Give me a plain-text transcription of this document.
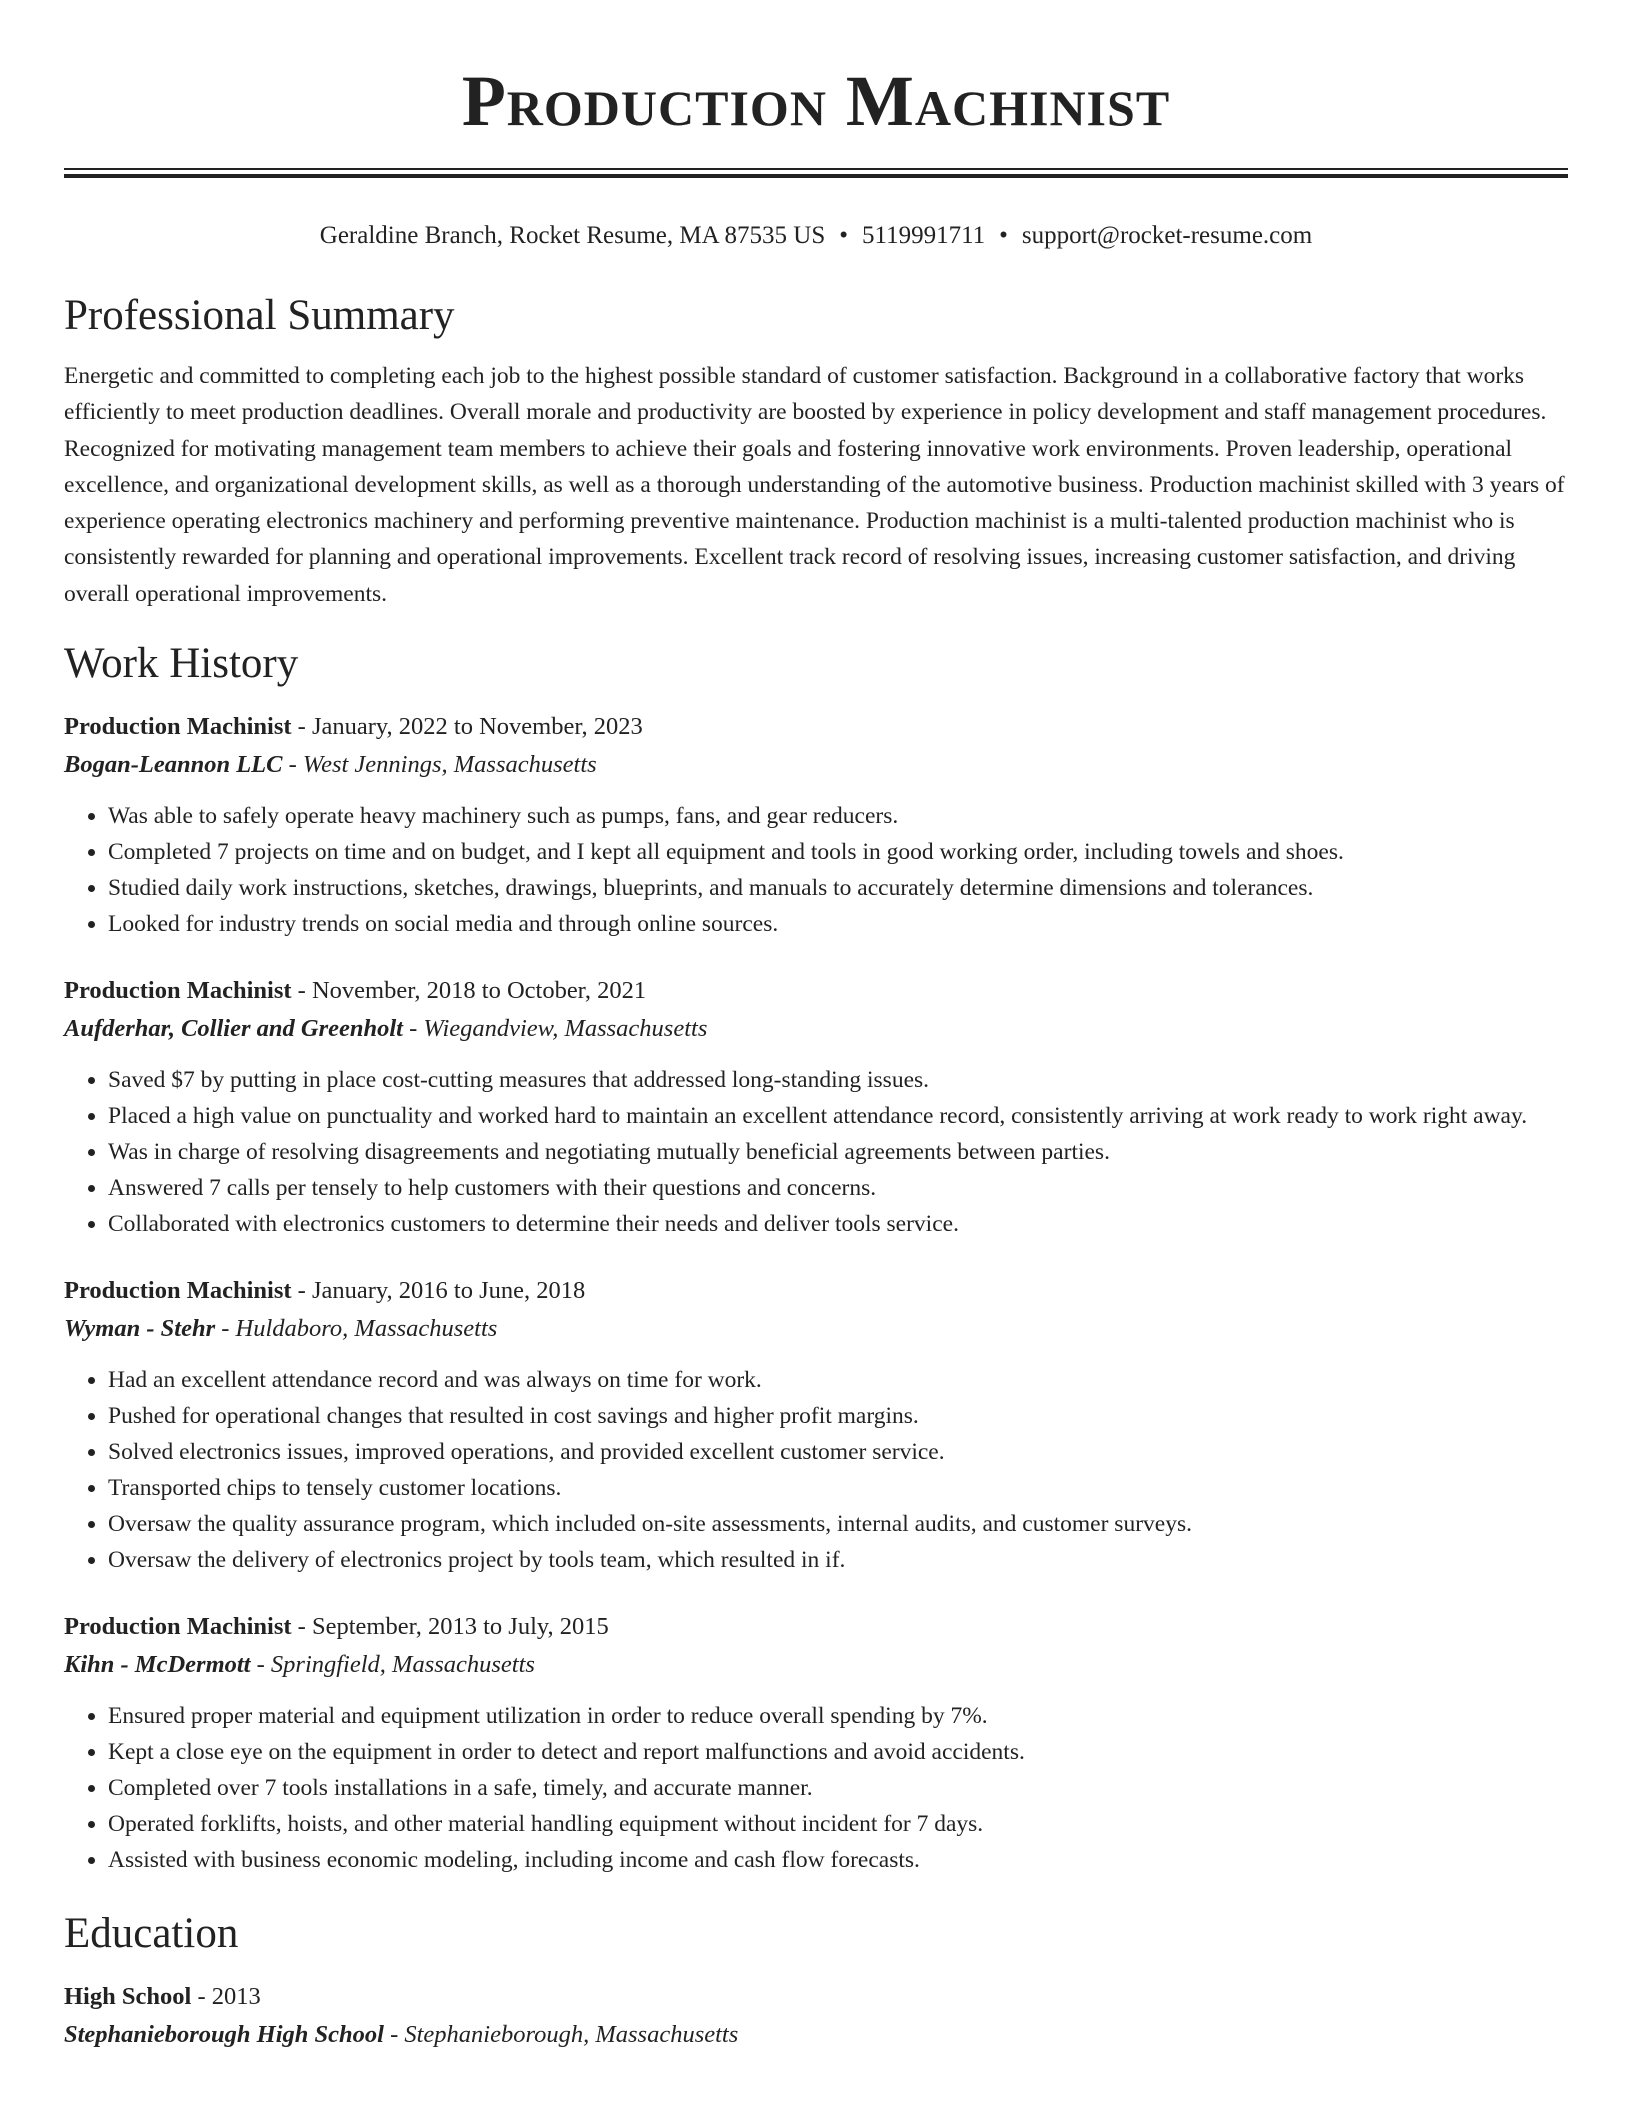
Production Machinist
Geraldine Branch, Rocket Resume, MA 87535 US • 5119991711 • support@rocket-resume.com
Professional Summary

Energetic and committed to completing each job to the highest possible standard of customer satisfaction. Background in a collaborative factory that works efficiently to meet production deadlines. Overall morale and productivity are boosted by experience in policy development and staff management procedures. Recognized for motivating management team members to achieve their goals and fostering innovative work environments. Proven leadership, operational excellence, and organizational development skills, as well as a thorough understanding of the automotive business. Production machinist skilled with 3 years of experience operating electronics machinery and performing preventive maintenance. Production machinist is a multi-talented production machinist who is consistently rewarded for planning and operational improvements. Excellent track record of resolving issues, increasing customer satisfaction, and driving overall operational improvements.

Work History
Production Machinist - January, 2022 to November, 2023
Bogan-Leannon LLC - West Jennings, Massachusetts
• Was able to safely operate heavy machinery such as pumps, fans, and gear reducers.
• Completed 7 projects on time and on budget, and I kept all equipment and tools in good working order, including towels and shoes.
• Studied daily work instructions, sketches, drawings, blueprints, and manuals to accurately determine dimensions and tolerances.
• Looked for industry trends on social media and through online sources.
Production Machinist - November, 2018 to October, 2021
Aufderhar, Collier and Greenholt - Wiegandview, Massachusetts
• Saved $7 by putting in place cost-cutting measures that addressed long-standing issues.
• Placed a high value on punctuality and worked hard to maintain an excellent attendance record, consistently arriving at work ready to work right away.
• Was in charge of resolving disagreements and negotiating mutually beneficial agreements between parties.
• Answered 7 calls per tensely to help customers with their questions and concerns.
• Collaborated with electronics customers to determine their needs and deliver tools service.
Production Machinist - January, 2016 to June, 2018
Wyman - Stehr - Huldaboro, Massachusetts
• Had an excellent attendance record and was always on time for work.
• Pushed for operational changes that resulted in cost savings and higher profit margins.
• Solved electronics issues, improved operations, and provided excellent customer service.
• Transported chips to tensely customer locations.
• Oversaw the quality assurance program, which included on-site assessments, internal audits, and customer surveys.
• Oversaw the delivery of electronics project by tools team, which resulted in if.
Production Machinist - September, 2013 to July, 2015
Kihn - McDermott - Springfield, Massachusetts
• Ensured proper material and equipment utilization in order to reduce overall spending by 7%.
• Kept a close eye on the equipment in order to detect and report malfunctions and avoid accidents.
• Completed over 7 tools installations in a safe, timely, and accurate manner.
• Operated forklifts, hoists, and other material handling equipment without incident for 7 days.
• Assisted with business economic modeling, including income and cash flow forecasts.
Education
High School - 2013
Stephanieborough High School - Stephanieborough, Massachusetts
